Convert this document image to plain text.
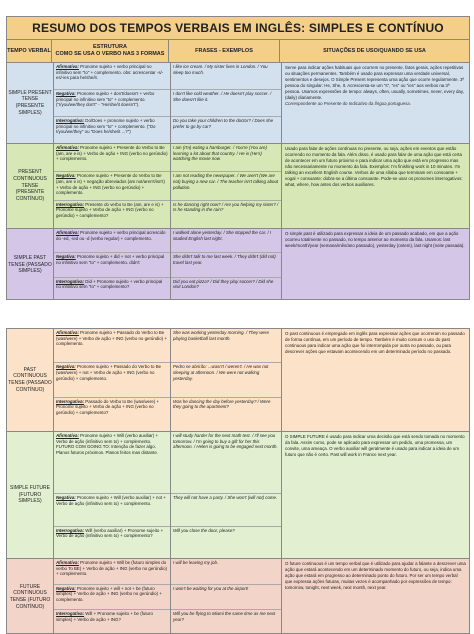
RESUMO DOS TEMPOS VERBAIS EM INGLÊS: SIMPLES E CONTÍNUO
TEMPO VERBAL
ESTRUTURA
COMO SE USA O VERBO NAS 3 FORMAS
FRASES - EXEMPLOS	SITUAÇÕES DE USO/QUANDO SE USA
SIMPLE PRESENT TENSE (PRESENTE SIMPLES)
Afirmativa: Pronome sujeito + verbo principal no infinitivo sem "to" + complemento. obs: acrescentar -s/-es/-ies para he/she/it.
Negativa: Pronome sujeito + don't/doesn't + verbo principal no infinitivo sem "to" + complemento. ("I/you/we/they don't" - "He/she/it doesn't").
Interrogativa: Do/Does + pronome sujeito + verbo principal no infinitivo sem "to" + complemento. ("Do I/you/we/they" ou "Does he/she/it ...?")
I like ice cream. / My sister lives in London. / You sleep too much.
I don't like cold weather. / He doesn't play soccer. / She doesn't like it.
Do you take your children to the doctor? / Does she prefer to go by car?
Serve para indicar ações habituais que ocorrem no presente, fatos gerais, ações repetitivas ou situações permanentes. Também é usado para expressar uma verdade universal, sentimentos e desejos. O Simple Present representa uma ação que ocorre regularmente. 3ª pessoa do singular: He, She, It. Acrescenta-se um "s", "es" ou "ies" aos verbos na 3ª pessoa. Usamos expressões de tempo: always, often, usually, sometimes, never, every day, (daily) diariamente.
Correspondente ao Presente do Indicativo da língua portuguesa.
PRESENT CONTINUOUS TENSE (PRESENTE CONTÍNUO)
Afirmativa: Pronome sujeito + Presente do Verbo to Be (am, are e is) + Verbo de ação + ING (verbo no gerúndio) + complemento.
Negativa: Pronome sujeito + Presente do Verbo to Be (am, are e is) + negação abreviados (am not/aren't/isn't) + Verbo de ação + ING (verbo no gerúndio) + complemento.
Interrogativa: Presente do verbo to Be (am, are e is) + Pronome sujeito + Verbo de ação + ING (verbo no gerúndio) + complemento?
I am (I'm) eating a hamburger. / You're (You are) learning a lot about that country. / He is (He's) watching the movie now.
I am not reading the newspaper. / We aren't (We are not) buying a new car. / The teacher isn't talking about pollution.
Is he dancing right now? / Are you helping my sister? / Is he standing in the rain?
Usado para falar de ações contínuas no presente, ou seja, ações em eventos que estão ocorrendo no momento da fala. Além disso, é usado para falar de uma ação que está certa de acontecer em um futuro próximo e para indicar uma ação que está em progresso mas não necessariamente no momento da fala. Exemplos: I'm finishing work in 10 minutes. I'm talking an excellent English course. Verbos de uma sílaba que terminam em consoante + vogal + consoante: dobra-se a última consoante. Pode-se usar os pronomes interrogativos: what, where, how antes dos verbos auxiliares.
SIMPLE PAST TENSE (PASSADO SIMPLES)
Afirmativa: Pronome sujeito + verbo principal acrescido do -ed, -ied ou -d (verbo regular) + complemento.
Negativa: Pronome sujeito + did + not + verbo principal no infinitivo sem "to" + complemento. didn't
Interrogativa: Did + Pronome sujeito + verbo principal no infinitivo sem "to" + complemento?
I walked alone yesterday. / She stopped the car. / I studied English last night.
She didn't talk to me last week. / They didn't (did not) travel last year.
Did you eat pizza? / Did they play soccer? / Did she visit London?
O simple past é utilizado para expressar a ideia de um passado acabado, em que a ação ocorreu totalmente no passado, no tempo anterior ao momento da fala. Usamos: last week/month/year (semana/mês/ano passado), yesterday (ontem), last night (noite passada).
PAST CONTINUOUS TENSE (PASSADO CONTÍNUO)
Afirmativa: Pronome sujeito + Passado do Verbo to Be (was/were) + Verbo de ação + ING (verbo no gerúndio) + complemento.
Negativa: Pronome sujeito + Passado do Verbo to Be (was/were) + not + Verbo de ação + ING (verbo no gerúndio) + complemento.
Interrogativa: Passado do Verbo to Be (was/were) + Pronome sujeito + Verbo de ação + ING (verbo no gerúndio) + complemento?
She was working yesterday morning. / They were playing basketball last month.
Pedro se abrirão: ...wasn't / weren't. / He was not sleeping at afternoon. / We were not walking yesterday.
Was he dancing the day before yesterday? / Were they going to the apartment?
O past continuous é empregado em inglês para expressar ações que ocorreram no passado de forma contínua, em um período de tempo. Também é muito comum o uso do past continuous para indicar uma ação que foi interrompida por outra no passado, ou para descrever ações que estavam acontecendo em um determinado período no passado.
SIMPLE FUTURE (FUTURO SIMPLES)
Afirmativa: Pronome sujeito + Will (verbo auxiliar) + Verbo de ação (infinitivo sem to) + complemento. FUTURO COM GOING TO: Intenção de fazer algo. Planos futuros próximos. Planos feitos mas distante.
Negativa: Pronome sujeito + Will (verbo auxiliar) + not + Verbo de ação (infinitivo sem to) + complemento.
Interrogativa: Will (verbo auxiliar) + Pronome sujeito + Verbo de ação (infinitivo sem to) + complemento?
I will study harder for the next math test. / I'll see you tomorrow. / I'm going to buy a gift for her this afternoon. / Helen is going to be engaged next month.
They will not have a party. / She won't (will not) come.
Will you close the door, please?
O SIMPLE FUTURE é usado para indicar uma decisão que está sendo tomada no momento da fala. Assim como, pode se aplicado para expressar um pedido, uma promessa, um convite, uma ameaça. O verbo auxiliar will geralmente é usado para indicar a ideia de um futuro que não é certo. Past will work in France next year.
FUTURE CONTINUOUS TENSE (FUTURO CONTÍNUO)
Afirmativa: Pronome sujeito + Will be (futuro simples do verbo To BE) + Verbo de ação + ING (verbo no gerúndio) + complemento.
Negativa: Pronome sujeito + will + not + be (futuro simples) + Verbo de ação + ING (verbo no gerúndio) + complemento.
Interrogativa: Will + Pronome sujeito + be (futuro simples) + Verbo de ação + ING?
I will be leaving my job.
I won't be waiting for you at the airport!
Will you be flying to Miami the same time as me next year?
O future continuous é um tempo verbal que é utilizado para ajudar a falante a descrever uma ação que estará acontecendo em um determinado momento do futuro, ou seja, indica uma ação que estará em progresso ao determinado ponto do futuro. Por ser um tempo verbal que expressa ações futuras, muitas vezes é acompanhado por expressões de tempo: tomorrow, tonight, next week, next month, next year.
